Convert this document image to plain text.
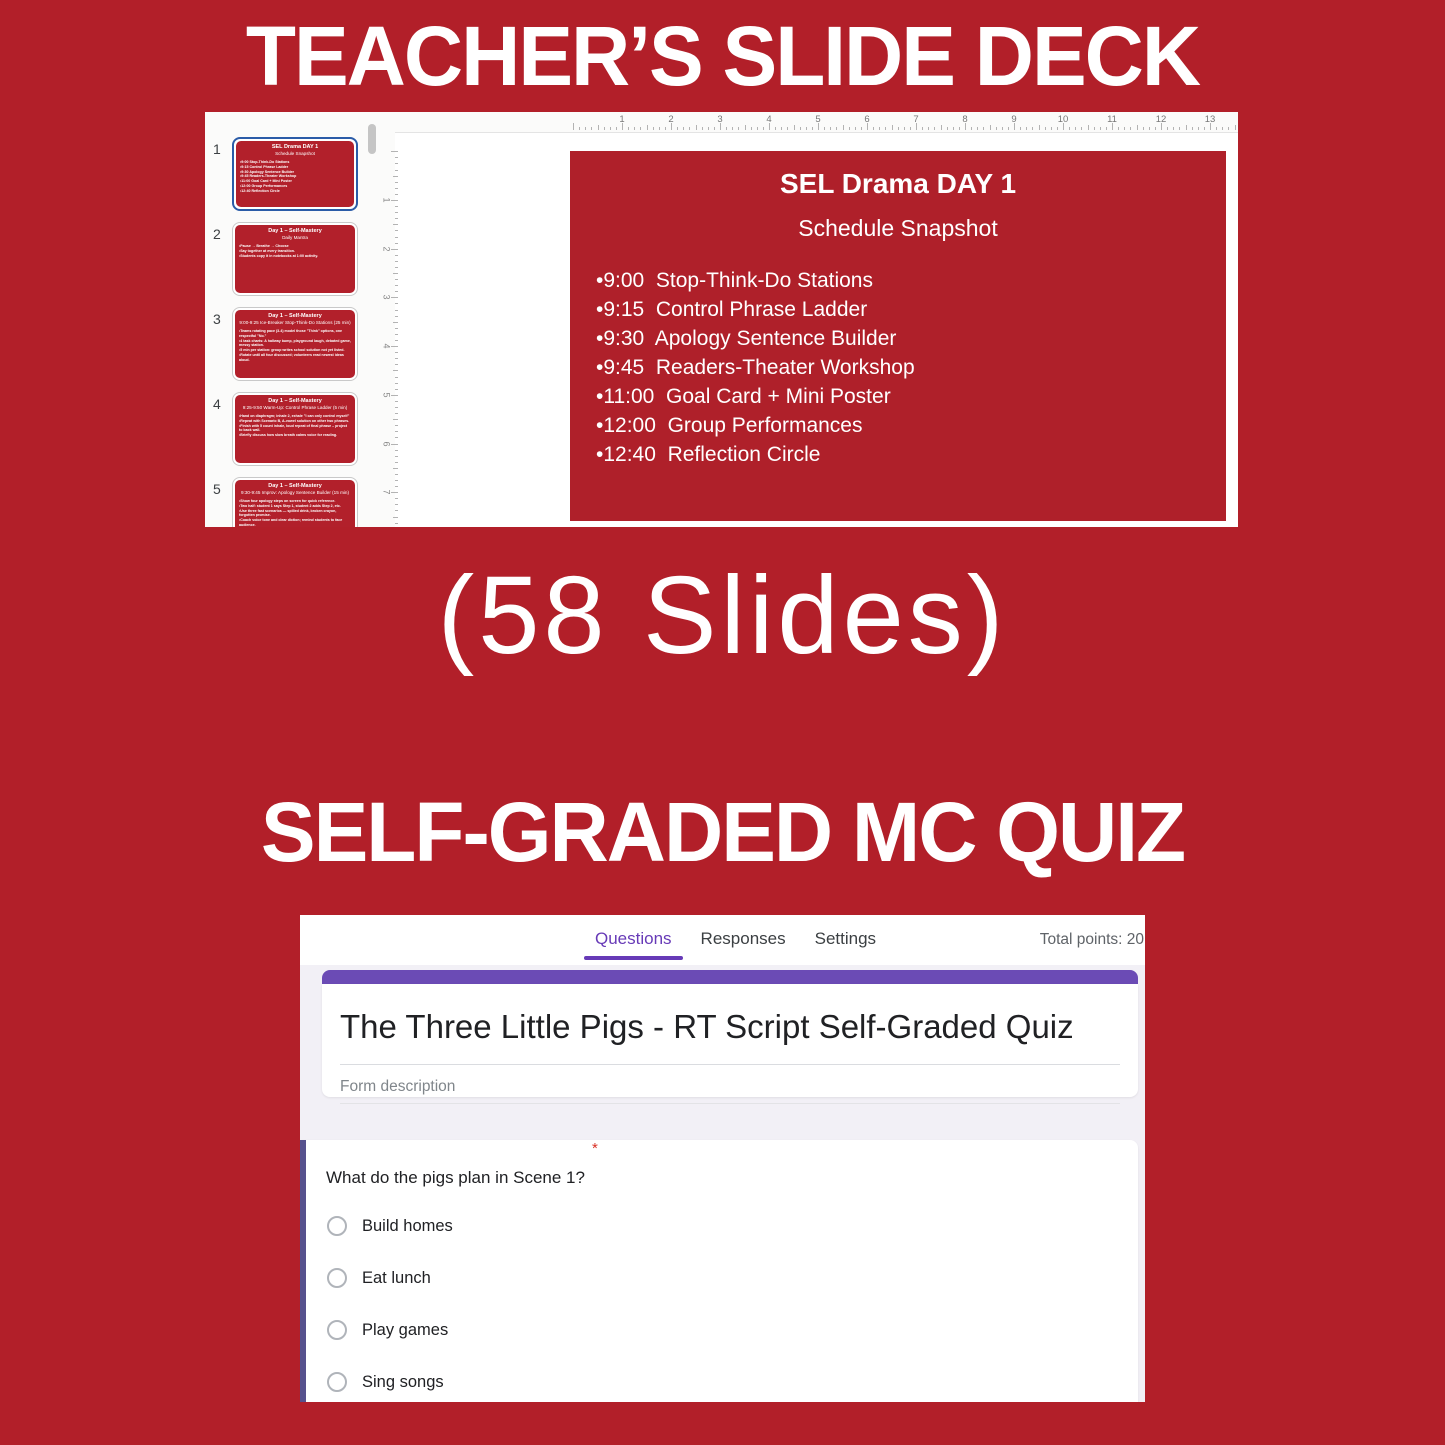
TEACHER’S SLIDE DECK
1	SEL Drama DAY 1
Schedule Snapshot
•9:00 Stop-Think-Do Stations
•9:15 Control Phrase Ladder
•9:30 Apology Sentence Builder
•9:45 Readers-Theater Workshop
•11:00 Goal Card + Mini Poster
•12:00 Group Performances
•12:40 Reflection Circle
2	Day 1 – Self-Mastery
Daily Mantra
•Pause → Breathe → Choose
•Say together at every transition.
•Students copy it in notebooks at 1:00 activity.
3	Day 1 – Self-Mastery
9:00-9:25 Ice-Breaker Stop-Think-Do Stations (25 min)
•Teams rotating pace (3-4) model those "Think" options, one respectful "No."
•4 task charts: A hallway bump, playground laugh, debated game, messy station.
•5 min per station: group writes school solution not yet listed.
•Rotate until all four discussed; volunteers read newest ideas aloud.
4	Day 1 – Self-Mastery
9:25-9:50 Warm-Up: Control Phrase Ladder (5 min)
•Hand on diaphragm; inhale 2, exhale "I can only control myself"
•Repeat with Scenario B, A-vowel solution on other two phrases.
•Finish with 5 count inhale, loud repeat of final phrase – project to back wall.
•Briefly discuss how slow breath calms voice for reading.
5	Day 1 – Self-Mastery
9:30-9:45 Improv: Apology Sentence Builder (15 min)
•Show four apology steps on screen for quick reference.
•Two half: student 1 says Step 1, student 2 adds Step 2, etc.
•Use three fast scenarios — spilled drink, broken crayon, forgotten promise.
•Coach voice tone and clear diction; remind students to face audience.
1	2	3	4	5	6	7	8	9	10	11	12	13
1
2
3
4
5
6
7
SEL Drama DAY 1
Schedule Snapshot
•9:00  Stop-Think-Do Stations
•9:15  Control Phrase Ladder
•9:30  Apology Sentence Builder
•9:45  Readers-Theater Workshop
•11:00  Goal Card + Mini Poster
•12:00  Group Performances
•12:40  Reflection Circle
(58 Slides)
SELF-GRADED MC QUIZ
Questions Responses Settings	Total points: 20
The Three Little Pigs - RT Script Self-Graded Quiz
Form description
What do the pigs plan in Scene 1?*
Build homes
Eat lunch
Play games
Sing songs
